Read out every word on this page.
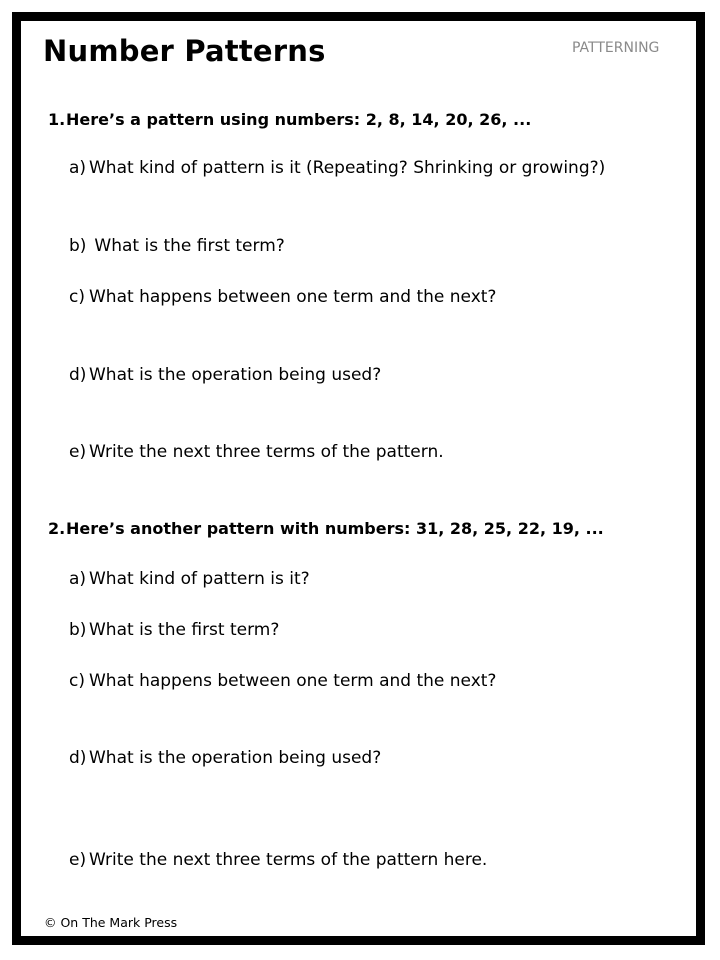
Number Patterns	PATTERNING
1.Here’s a pattern using numbers: 2, 8, 14, 20, 26, ...
a) What kind of pattern is it (Repeating? Shrinking or growing?)
b) What is the first term?
c) What happens between one term and the next?
d) What is the operation being used?
e) Write the next three terms of the pattern.
2.Here’s another pattern with numbers: 31, 28, 25, 22, 19, ...
a) What kind of pattern is it?
b) What is the first term?
c) What happens between one term and the next?
d) What is the operation being used?
e) Write the next three terms of the pattern here.
© On The Mark Press
